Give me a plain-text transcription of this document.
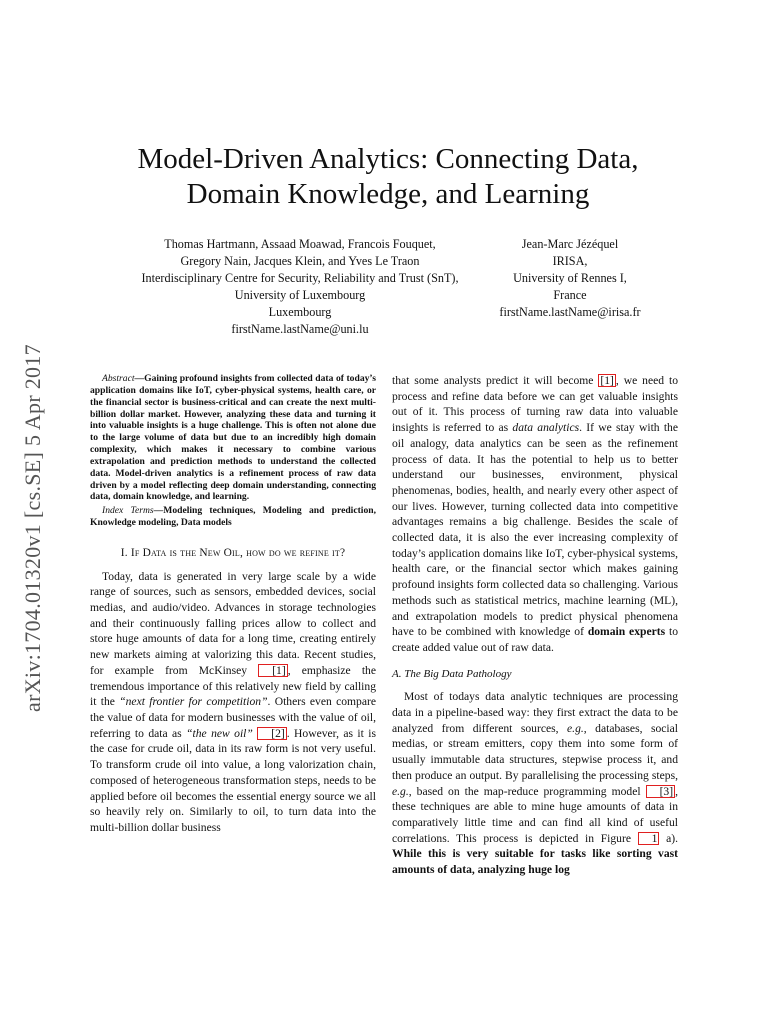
arXiv:1704.01320v1 [cs.SE] 5 Apr 2017
Model-Driven Analytics: Connecting Data,
Domain Knowledge, and Learning
Thomas Hartmann, Assaad Moawad, Francois Fouquet,
Gregory Nain, Jacques Klein, and Yves Le Traon
Interdisciplinary Centre for Security, Reliability and Trust (SnT),
University of Luxembourg
Luxembourg
firstName.lastName@uni.lu
Jean-Marc Jézéquel
IRISA,
University of Rennes I,
France
firstName.lastName@irisa.fr

Abstract—Gaining profound insights from collected data of today’s application domains like IoT, cyber-physical systems, health care, or the financial sector is business-critical and can create the next multi-billion dollar market. However, analyzing these data and turning it into valuable insights is a huge challenge. This is often not alone due to the large volume of data but due to an incredibly high domain complexity, which makes it necessary to combine various extrapolation and prediction methods to understand the collected data. Model-driven analytics is a refinement process of raw data driven by a model reflecting deep domain understanding, connecting data, domain knowledge, and learning.

Index Terms—Modeling techniques, Modeling and prediction, Knowledge modeling, Data models

I. If Data is the New Oil, how do we refine it?

Today, data is generated in very large scale by a wide range of sources, such as sensors, embedded devices, social medias, and audio/video. Advances in storage technologies and their continuously falling prices allow to collect and store huge amounts of data for a long time, creating entirely new markets aiming at valorizing this data. Recent studies, for example from McKinsey [1] , emphasize the tremendous importance of this relatively new field by calling it the “next frontier for competition”. Others even compare the value of data for modern businesses with the value of oil, referring to data as “the new oil” [2] . However, as it is the case for crude oil, data in its raw form is not very useful. To transform crude oil into value, a long valorization chain, composed of heterogeneous transformation steps, needs to be applied before oil becomes the essential energy source we all so heavily rely on. Similarly to oil, to turn data into the multi-billion dollar business

that some analysts predict it will become [1] , we need to process and refine data before we can get valuable insights out of it. This process of turning raw data into valuable insights is referred to as data analytics. If we stay with the oil analogy, data analytics can be seen as the refinement process of data. It has the potential to help us to better understand our businesses, environment, physical phenomenas, bodies, health, and nearly every other aspect of our lives. However, turning collected data into competitive advantages remains a big challenge. Besides the scale of collected data, it is also the ever increasing complexity of today’s application domains like IoT, cyber-physical systems, health care, or the financial sector which makes gaining profound insights form collected data so challenging. Various methods such as statistical metrics, machine learning (ML), and extrapolation models to predict physical phenomena have to be combined with knowledge of domain experts to create added value out of raw data.

A. The Big Data Pathology

Most of todays data analytic techniques are processing data in a pipeline-based way: they first extract the data to be analyzed from different sources, e.g., databases, social medias, or stream emitters, copy them into some form of usually immutable data structures, stepwise process it, and then produce an output. By parallelising the processing steps, e.g., based on the map-reduce programming model [3] , these techniques are able to mine huge amounts of data in comparatively little time and can find all kind of useful correlations. This process is depicted in Figure 1 a). While this is very suitable for tasks like sorting vast amounts of data, analyzing huge log
